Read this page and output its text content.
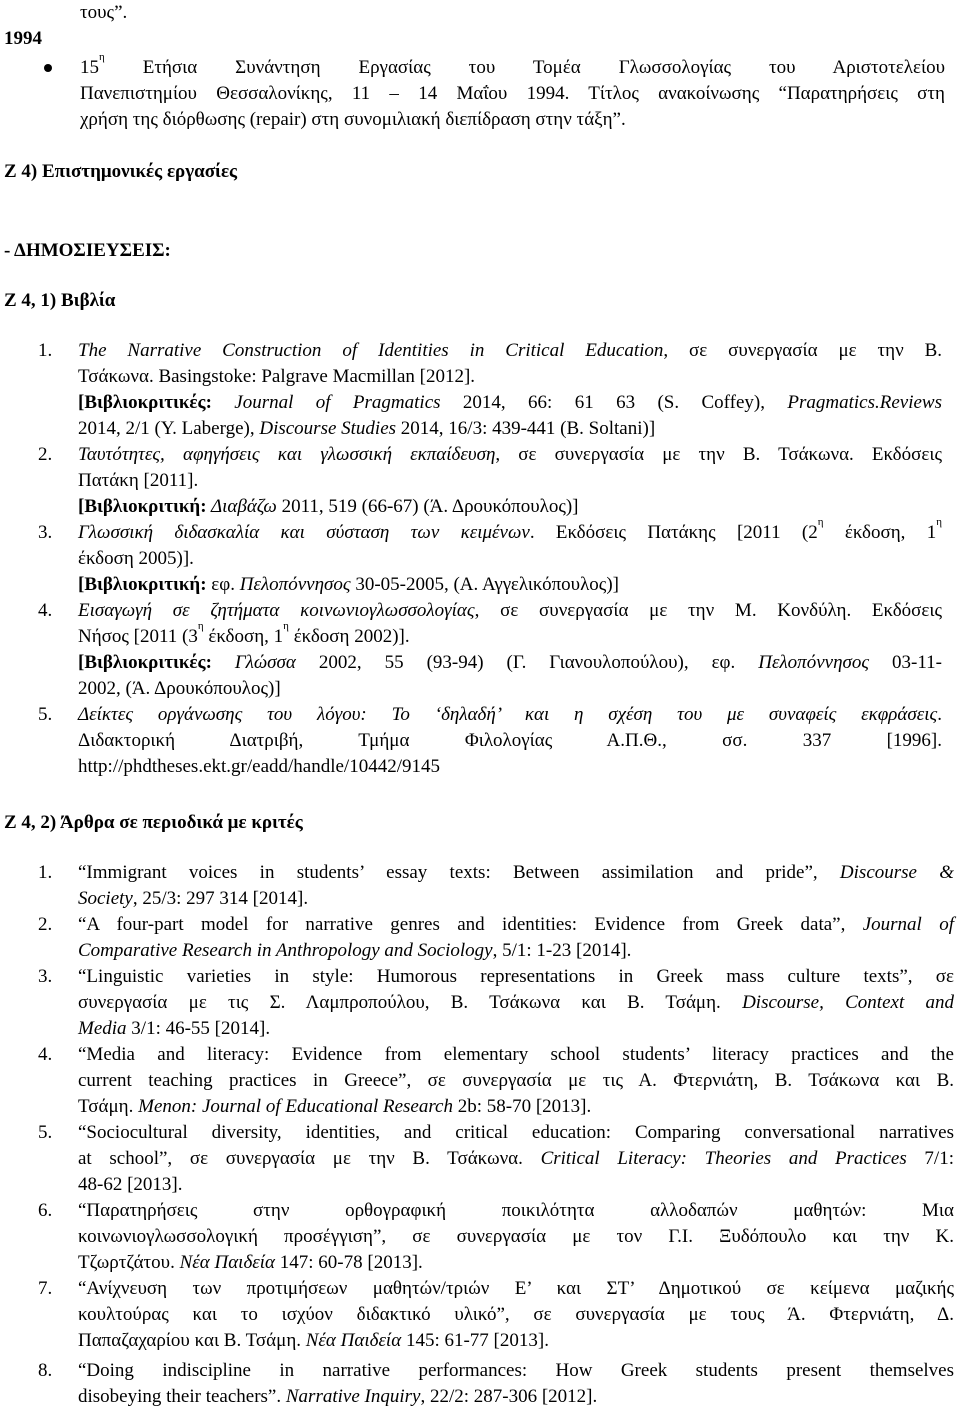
τους”.
1994
$15^\eta$ Ετήσια Συνάντηση Εργασίας του Τομέα Γλωσσολογίας του Αριστοτελείου
Πανεπιστημίου Θεσσαλονίκης, 11 – 14 Μαΐου 1994. Τίτλος ανακοίνωσης “Παρατηρήσεις στη
χρήση της διόρθωσης (repair) στη συνομιλιακή διεπίδραση στην τάξη”.
Ζ 4) Επιστημονικές εργασίες
- ΔΗΜΟΣΙΕΥΣΕΙΣ:
Ζ 4, 1) Βιβλία
1. The Narrative Construction of Identities in Critical Education, σε συνεργασία με την Β.
Τσάκωνα. Basingstoke: Palgrave Macmillan [2012].
[Βιβλιοκριτικές: Journal of Pragmatics 2014, 66: 61 63 (S. Coffey), Pragmatics.Reviews
2014, 2/1 (Y. Laberge), Discourse Studies 2014, 16/3: 439-441 (B. Soltani)]
2. Ταυτότητες, αφηγήσεις και γλωσσική εκπαίδευση, σε συνεργασία με την Β. Τσάκωνα. Εκδόσεις
Πατάκη [2011].
[Βιβλιοκριτική: Διαβάζω 2011, 519 (66-67) (Ά. Δρουκόπουλος)]
3. Γλωσσική διδασκαλία και σύσταση των κειμένων. Εκδόσεις Πατάκης [2011 ($2^\eta$ έκδοση, $1^\eta$
έκδοση 2005)].
[Βιβλιοκριτική: εφ. Πελοπόννησος 30-05-2005, (Α. Αγγελικόπουλος)]
4. Εισαγωγή σε ζητήματα κοινωνιογλωσσολογίας, σε συνεργασία με την Μ. Κονδύλη. Εκδόσεις
Νήσος [2011 ($3^\eta$ έκδοση, $1^\eta$ έκδοση 2002)].
[Βιβλιοκριτικές: Γλώσσα 2002, 55 (93-94) (Γ. Γιανουλοπούλου), εφ. Πελοπόννησος 03-11-
2002, (Ά. Δρουκόπουλος)]
5. Δείκτες οργάνωσης του λόγου: Το ‘δηλαδή’ και η σχέση του με συναφείς εκφράσεις.
Διδακτορική Διατριβή, Τμήμα Φιλολογίας Α.Π.Θ., σσ. 337 [1996].
http://phdtheses.ekt.gr/eadd/handle/10442/9145
Ζ 4, 2) Άρθρα σε περιοδικά με κριτές
1. “Immigrant voices in students’ essay texts: Between assimilation and pride”, Discourse &
Society, 25/3: 297 314 [2014].
2. “A four-part model for narrative genres and identities: Evidence from Greek data”, Journal of
Comparative Research in Anthropology and Sociology, 5/1: 1-23 [2014].
3. “Linguistic varieties in style: Humorous representations in Greek mass culture texts”, σε
συνεργασία με τις Σ. Λαμπροπούλου, Β. Τσάκωνα και Β. Τσάμη. Discourse, Context and
Media 3/1: 46-55 [2014].
4. “Media and literacy: Evidence from elementary school students’ literacy practices and the
current teaching practices in Greece”, σε συνεργασία με τις Α. Φτερνιάτη, Β. Τσάκωνα και Β.
Τσάμη. Menon: Journal of Educational Research 2b: 58-70 [2013].
5. “Sociocultural diversity, identities, and critical education: Comparing conversational narratives
at school”, σε συνεργασία με την Β. Τσάκωνα. Critical Literacy: Theories and Practices 7/1:
48-62 [2013].
6. “Παρατηρήσεις στην ορθογραφική ποικιλότητα αλλοδαπών μαθητών: Μια
κοινωνιογλωσσολογική προσέγγιση”, σε συνεργασία με τον Γ.Ι. Ξυδόπουλο και την Κ.
Τζωρτζάτου. Νέα Παιδεία 147: 60-78 [2013].
7. “Ανίχνευση των προτιμήσεων μαθητών/τριών Ε’ και ΣΤ’ Δημοτικού σε κείμενα μαζικής
κουλτούρας και το ισχύον διδακτικό υλικό”, σε συνεργασία με τους Ά. Φτερνιάτη, Δ.
Παπαζαχαρίου και Β. Τσάμη. Νέα Παιδεία 145: 61-77 [2013].
8. “Doing indiscipline in narrative performances: How Greek students present themselves
disobeying their teachers”. Narrative Inquiry, 22/2: 287-306 [2012].
